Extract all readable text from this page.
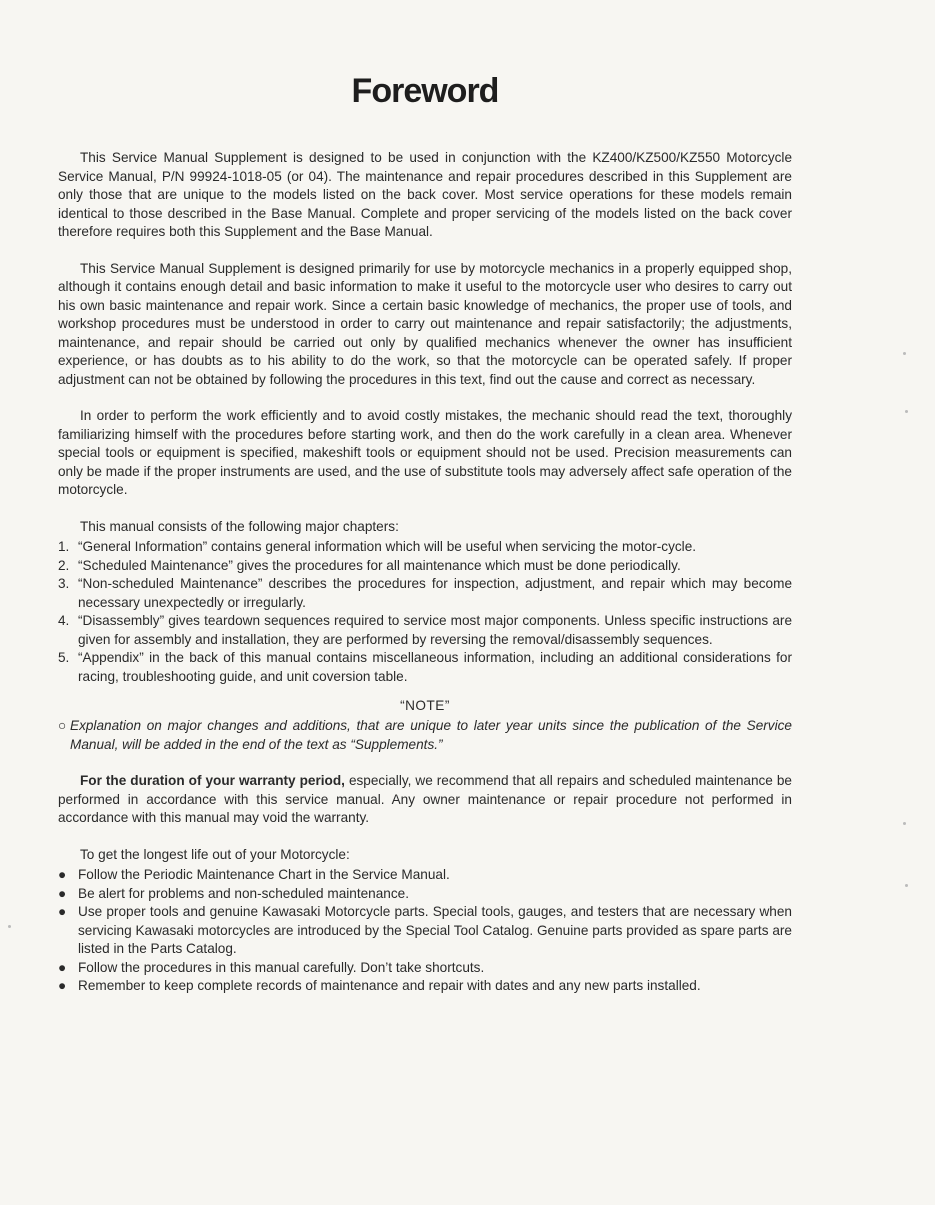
Foreword

This Service Manual Supplement is designed to be used in conjunction with the KZ400/KZ500/KZ550 Motorcycle Service Manual, P/N 99924-1018-05 (or 04). The maintenance and repair procedures described in this Supplement are only those that are unique to the models listed on the back cover. Most service operations for these models remain identical to those described in the Base Manual. Complete and proper servicing of the models listed on the back cover therefore requires both this Supplement and the Base Manual.

This Service Manual Supplement is designed primarily for use by motorcycle mechanics in a properly equipped shop, although it contains enough detail and basic information to make it useful to the motorcycle user who desires to carry out his own basic maintenance and repair work. Since a certain basic knowledge of mechanics, the proper use of tools, and workshop procedures must be understood in order to carry out maintenance and repair satisfactorily; the adjustments, maintenance, and repair should be carried out only by qualified mechanics whenever the owner has insufficient experience, or has doubts as to his ability to do the work, so that the motorcycle can be operated safely. If proper adjustment can not be obtained by following the procedures in this text, find out the cause and correct as necessary.

In order to perform the work efficiently and to avoid costly mistakes, the mechanic should read the text, thoroughly familiarizing himself with the procedures before starting work, and then do the work carefully in a clean area. Whenever special tools or equipment is specified, makeshift tools or equipment should not be used. Precision measurements can only be made if the proper instruments are used, and the use of substitute tools may adversely affect safe operation of the motorcycle.

This manual consists of the following major chapters:

1. “General Information” contains general information which will be useful when servicing the motor-cycle.
2. “Scheduled Maintenance” gives the procedures for all maintenance which must be done periodically.
3. “Non-scheduled Maintenance” describes the procedures for inspection, adjustment, and repair which may become necessary unexpectedly or irregularly.
4. “Disassembly” gives teardown sequences required to service most major components. Unless specific instructions are given for assembly and installation, they are performed by reversing the removal/disassembly sequences.
5. “Appendix” in the back of this manual contains miscellaneous information, including an additional considerations for racing, troubleshooting guide, and unit coversion table.
“NOTE”
○ Explanation on major changes and additions, that are unique to later year units since the publication of the Service Manual, will be added in the end of the text as “Supplements.”

For the duration of your warranty period, especially, we recommend that all repairs and scheduled maintenance be performed in accordance with this service manual. Any owner maintenance or repair procedure not performed in accordance with this manual may void the warranty.

To get the longest life out of your Motorcycle:

● Follow the Periodic Maintenance Chart in the Service Manual.
● Be alert for problems and non-scheduled maintenance.
● Use proper tools and genuine Kawasaki Motorcycle parts. Special tools, gauges, and testers that are necessary when servicing Kawasaki motorcycles are introduced by the Special Tool Catalog. Genuine parts provided as spare parts are listed in the Parts Catalog.
● Follow the procedures in this manual carefully. Don’t take shortcuts.
● Remember to keep complete records of maintenance and repair with dates and any new parts installed.
